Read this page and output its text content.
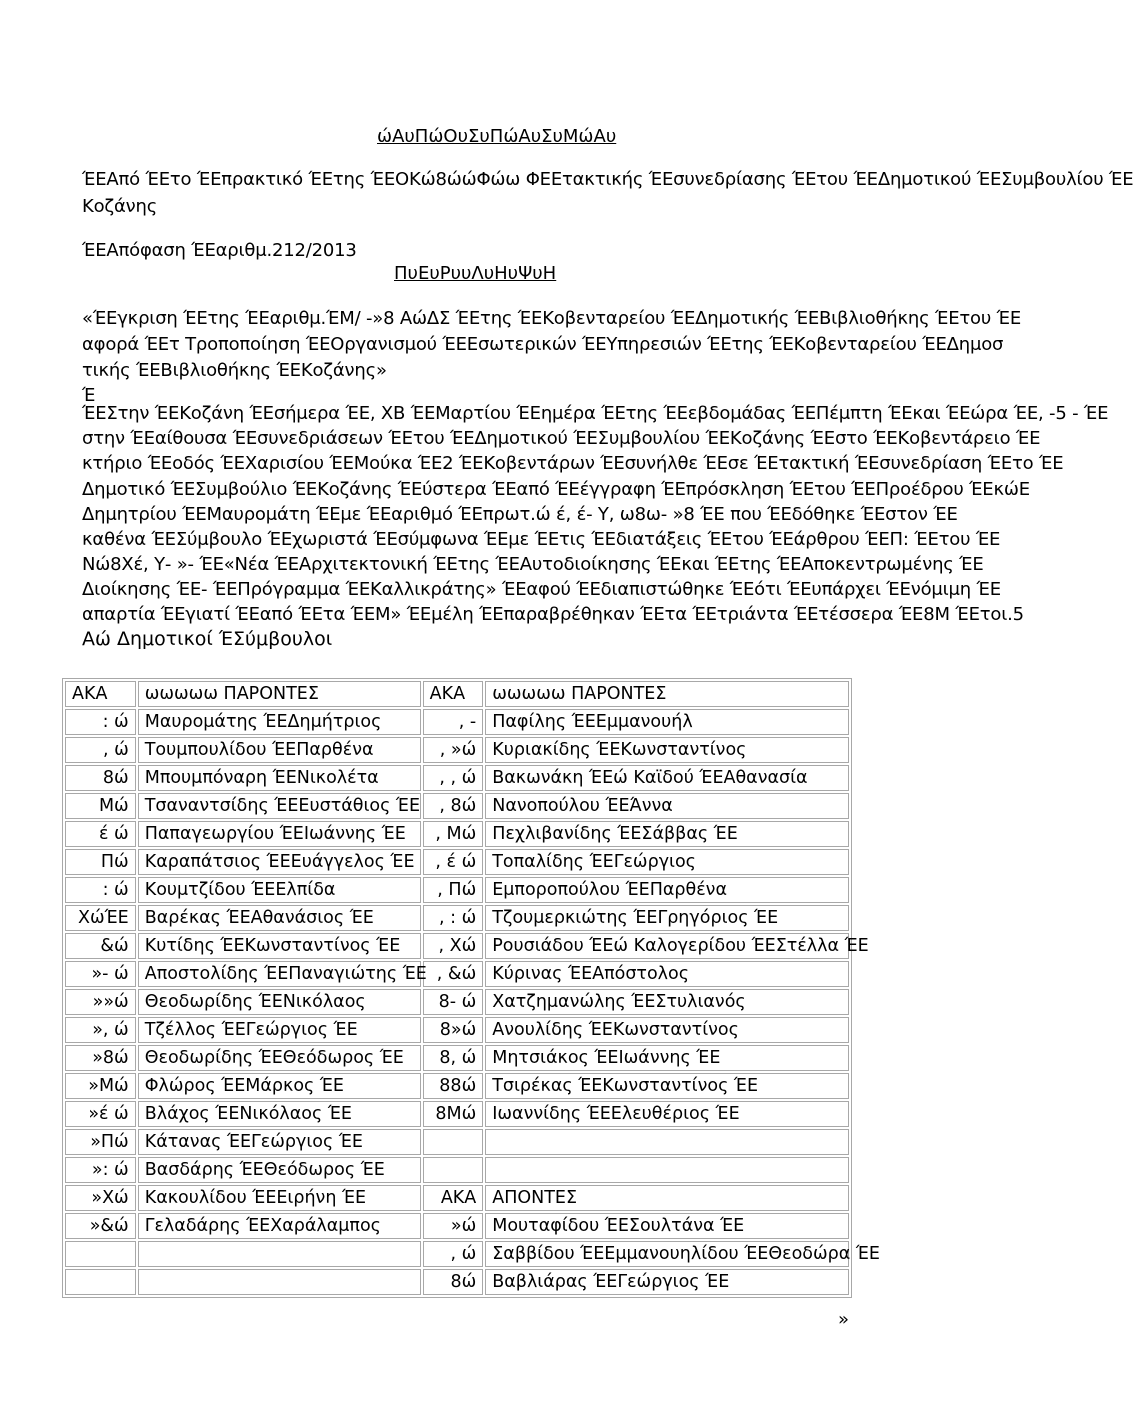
ώΑυΠώΟυΣυΠώΑυΣυΜώΑυ
ΈΕΑπό ΈΕτο ΈΕπρακτικό ΈΕτης ΈΕΟΚώ8ώώΦώω ΦΕΕτακτικής ΈΕσυνεδρίασης ΈΕτου ΈΕΔημοτικού ΈΕΣυμβουλίου ΈΕ
Κοζάνης
ΈΕΑπόφαση ΈΕαριθμ.212/2013
ΠυΕυΡυυΛυΗυΨυΗ
«ΈΕγκριση ΈΕτης ΈΕαριθμ.ΈΜ/ -»8 ΑώΔΣ ΈΕτης ΈΕΚοβενταρείου ΈΕΔημοτικής ΈΕΒιβλιοθήκης ΈΕτου ΈΕ
αφορά ΈΕτ Τροποποίηση ΈΕΟργανισμού ΈΕΕσωτερικών ΈΕΥπηρεσιών ΈΕτης ΈΕΚοβενταρείου ΈΕΔημοσ
τικής ΈΕΒιβλιοθήκης ΈΕΚοζάνης»
Έ
ΈΕΣτην ΈΕΚοζάνη ΈΕσήμερα ΈΕ, ΧΒ ΈΕΜαρτίου ΈΕημέρα ΈΕτης ΈΕεβδομάδας ΈΕΠέμπτη ΈΕκαι ΈΕώρα ΈΕ, -5 - ΈΕ
στην ΈΕαίθουσα ΈΕσυνεδριάσεων ΈΕτου ΈΕΔημοτικού ΈΕΣυμβουλίου ΈΕΚοζάνης ΈΕστο ΈΕΚοβεντάρειο ΈΕ
κτήριο ΈΕοδός ΈΕΧαρισίου ΈΕΜούκα ΈΕ2 ΈΕΚοβεντάρων ΈΕσυνήλθε ΈΕσε ΈΕτακτική ΈΕσυνεδρίαση ΈΕτο ΈΕ
Δημοτικό ΈΕΣυμβούλιο ΈΕΚοζάνης ΈΕύστερα ΈΕαπό ΈΕέγγραφη ΈΕπρόσκληση ΈΕτου ΈΕΠροέδρου ΈΕκώΕ
Δημητρίου ΈΕΜαυρομάτη ΈΕμε ΈΕαριθμό ΈΕπρωτ.ώ έ, έ- Υ, ω8ω- »8 ΈΕ που ΈΕδόθηκε ΈΕστον ΈΕ
καθένα ΈΕΣύμβουλο ΈΕχωριστά ΈΕσύμφωνα ΈΕμε ΈΕτις ΈΕδιατάξεις ΈΕτου ΈΕάρθρου ΈΕΠ: ΈΕτου ΈΕ
Νώ8Χέ, Υ- »- ΈΕ«Νέα ΈΕΑρχιτεκτονική ΈΕτης ΈΕΑυτοδιοίκησης ΈΕκαι ΈΕτης ΈΕΑποκεντρωμένης ΈΕ
Διοίκησης ΈΕ- ΈΕΠρόγραμμα ΈΕΚαλλικράτης» ΈΕαφού ΈΕδιαπιστώθηκε ΈΕότι ΈΕυπάρχει ΈΕνόμιμη ΈΕ
απαρτία ΈΕγιατί ΈΕαπό ΈΕτα ΈΕΜ» ΈΕμέλη ΈΕπαραβρέθηκαν ΈΕτα ΈΕτριάντα ΈΕτέσσερα ΈΕ8Μ ΈΕτοι.5
Αώ Δημοτικοί ΈΣύμβουλοι
ΑΚΑ	ωωωωω ΠΑΡΟΝΤΕΣ	ΑΚΑ	ωωωωω ΠΑΡΟΝΤΕΣ
: ώ	Μαυρομάτης ΈΕΔημήτριος	, -	Παφίλης ΈΕΕμμανουήλ
, ώ	Τουμπουλίδου ΈΕΠαρθένα	, »ώ	Κυριακίδης ΈΕΚωνσταντίνος
8ώ	Μπουμπόναρη ΈΕΝικολέτα	, , ώ	Βακωνάκη ΈΕώ Καϊδού ΈΕΑθανασία
Μώ	Τσαναντσίδης ΈΕΕυστάθιος ΈΕ	, 8ώ	Νανοπούλου ΈΕΆννα
έ ώ	Παπαγεωργίου ΈΕΙωάννης ΈΕ	, Μώ	Πεχλιβανίδης ΈΕΣάββας ΈΕ
Πώ	Καραπάτσιος ΈΕΕυάγγελος ΈΕ	, έ ώ	Τοπαλίδης ΈΕΓεώργιος
: ώ	Κουμτζίδου ΈΕΕλπίδα	, Πώ	Εμποροπούλου ΈΕΠαρθένα
ΧώΈΕ	Βαρέκας ΈΕΑθανάσιος ΈΕ	, : ώ	Τζουμερκιώτης ΈΕΓρηγόριος ΈΕ
&ώ	Κυτίδης ΈΕΚωνσταντίνος ΈΕ	, Χώ	Ρουσιάδου ΈΕώ Καλογερίδου ΈΕΣτέλλα ΈΕ
»- ώ	Αποστολίδης ΈΕΠαναγιώτης ΈΕ	, &ώ	Κύρινας ΈΕΑπόστολος
»»ώ	Θεοδωρίδης ΈΕΝικόλαος	8- ώ	Χατζημανώλης ΈΕΣτυλιανός
», ώ	Τζέλλος ΈΕΓεώργιος ΈΕ	8»ώ	Ανουλίδης ΈΕΚωνσταντίνος
»8ώ	Θεοδωρίδης ΈΕΘεόδωρος ΈΕ	8, ώ	Μητσιάκος ΈΕΙωάννης ΈΕ
»Μώ	Φλώρος ΈΕΜάρκος ΈΕ	88ώ	Τσιρέκας ΈΕΚωνσταντίνος ΈΕ
»έ ώ	Βλάχος ΈΕΝικόλαος ΈΕ	8Μώ	Ιωαννίδης ΈΕΕλευθέριος ΈΕ
»Πώ	Κάτανας ΈΕΓεώργιος ΈΕ		
»: ώ	Βασδάρης ΈΕΘεόδωρος ΈΕ		
»Χώ	Κακουλίδου ΈΕΕιρήνη ΈΕ	ΑΚΑ	ΑΠΟΝΤΕΣ
»&ώ	Γελαδάρης ΈΕΧαράλαμπος	»ώ	Μουταφίδου ΈΕΣουλτάνα ΈΕ
		, ώ	Σαββίδου ΈΕΕμμανουηλίδου ΈΕΘεοδώρα ΈΕ
		8ώ	Βαβλιάρας ΈΕΓεώργιος ΈΕ
»
